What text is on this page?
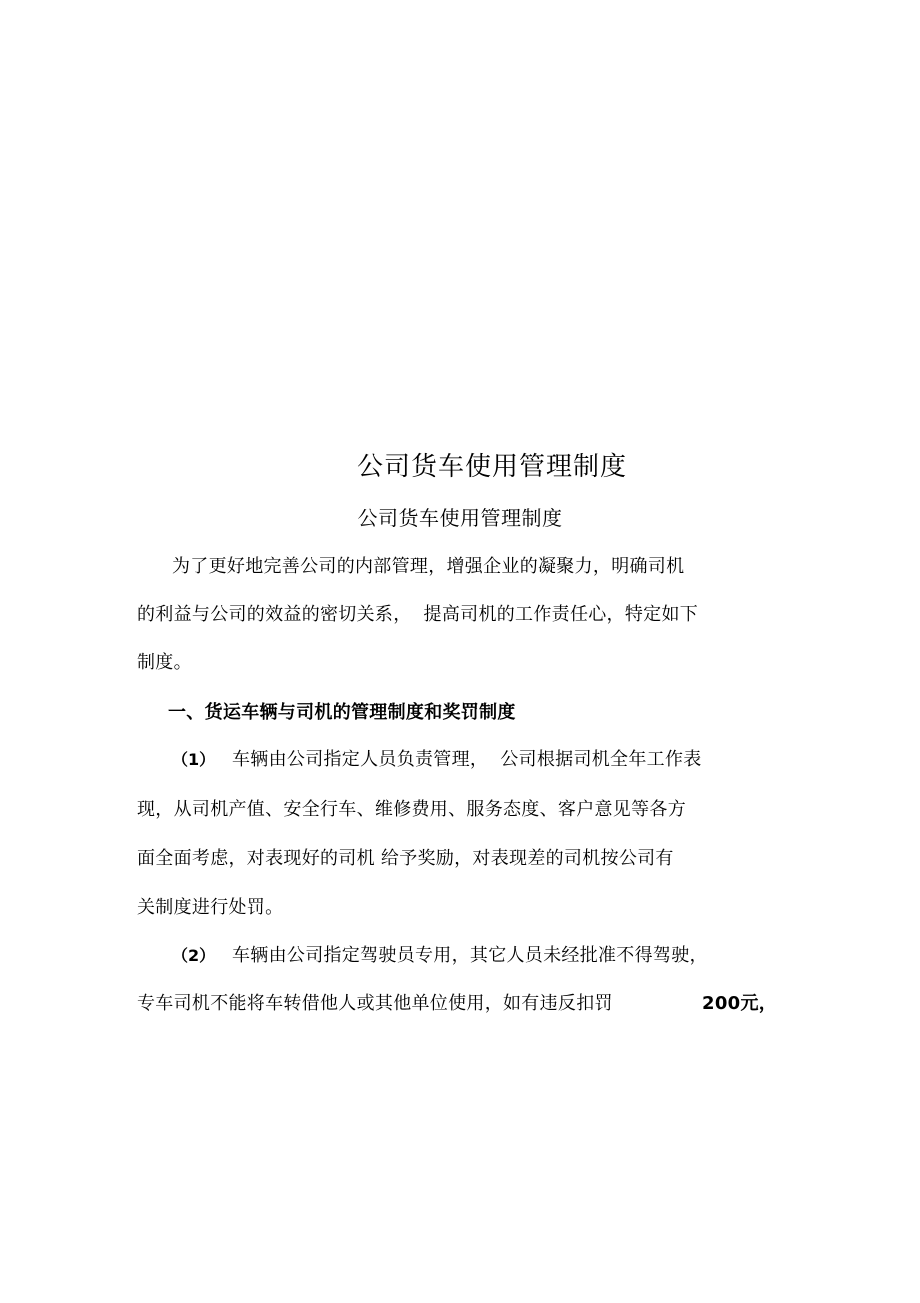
公司货车使用管理制度
公司货车使用管理制度
为了更好地完善公司的内部管理，增强企业的凝聚力，明确司机
的利益与公司的效益的密切关系，  提高司机的工作责任心，特定如下
制度。
一、货运车辆与司机的管理制度和奖罚制度
（1） 车辆由公司指定人员负责管理，  公司根据司机全年工作表
现，从司机产值、安全行车、维修费用、服务态度、客户意见等各方
面全面考虑，对表现好的司机 给予奖励，对表现差的司机按公司有
关制度进行处罚。
（2） 车辆由公司指定驾驶员专用，其它人员未经批准不得驾驶，
专车司机不能将车转借他人或其他单位使用，如有违反扣罚	200元，
